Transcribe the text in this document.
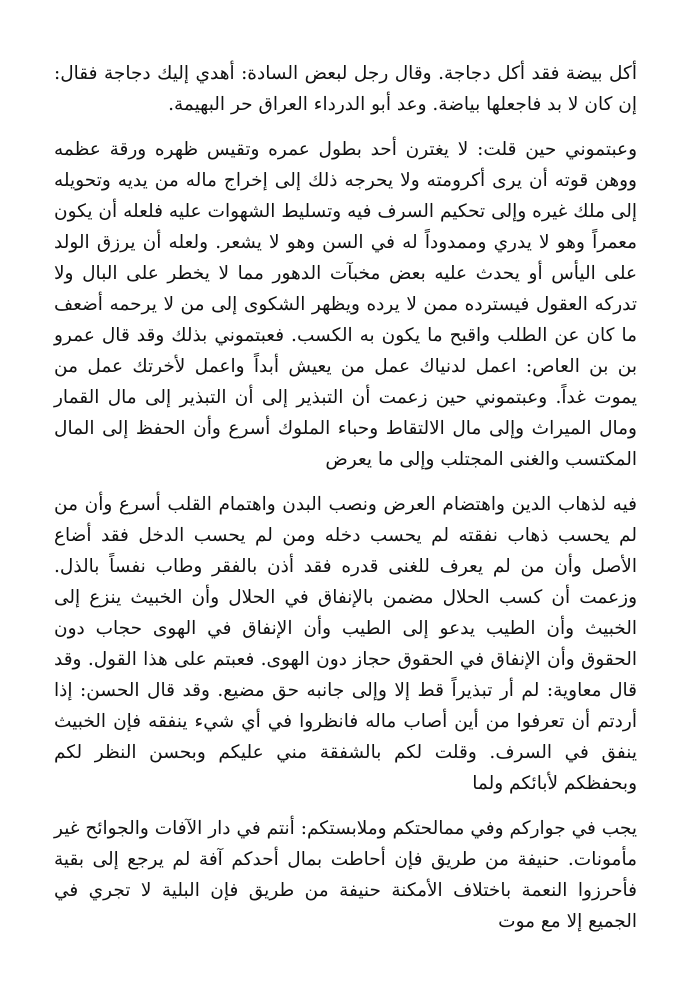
أكل بيضة فقد أكل دجاجة. وقال رجل لبعض السادة: أهدي إليك دجاجة فقال: إن كان لا بد فاجعلها بياضة. وعد أبو الدرداء العراق حر البهيمة.

وعبتموني حين قلت: لا يغترن أحد بطول عمره وتقيس ظهره ورقة عظمه ووهن قوته أن يرى أكرومته ولا يحرجه ذلك إلى إخراج ماله من يديه وتحويله إلى ملك غيره وإلى تحكيم السرف فيه وتسليط الشهوات عليه فلعله أن يكون معمراً وهو لا يدري وممدوداً له في السن وهو لا يشعر. ولعله أن يرزق الولد على اليأس أو يحدث عليه بعض مخبآت الدهور مما لا يخطر على البال ولا تدركه العقول فيسترده ممن لا يرده ويظهر الشكوى إلى من لا يرحمه أضعف ما كان عن الطلب واقبح ما يكون به الكسب. فعبتموني بذلك وقد قال عمرو بن بن العاص: اعمل لدنياك عمل من يعيش أبداً واعمل لأخرتك عمل من يموت غداً. وعبتموني حين زعمت أن التبذير إلى أن التبذير إلى مال القمار ومال الميراث وإلى مال الالتقاط وحباء الملوك أسرع وأن الحفظ إلى المال المكتسب والغنى المجتلب وإلى ما يعرض

فيه لذهاب الدين واهتضام العرض ونصب البدن واهتمام القلب أسرع وأن من لم يحسب ذهاب نفقته لم يحسب دخله ومن لم يحسب الدخل فقد أضاع الأصل وأن من لم يعرف للغنى قدره فقد أذن بالفقر وطاب نفساً بالذل. وزعمت أن كسب الحلال مضمن بالإنفاق في الحلال وأن الخبيث ينزع إلى الخبيث وأن الطيب يدعو إلى الطيب وأن الإنفاق في الهوى حجاب دون الحقوق وأن الإنفاق في الحقوق حجاز دون الهوى. فعبتم على هذا القول. وقد قال معاوية: لم أر تبذيراً قط إلا وإلى جانبه حق مضيع. وقد قال الحسن: إذا أردتم أن تعرفوا من أين أصاب ماله فانظروا في أي شيء ينفقه فإن الخبيث ينفق في السرف. وقلت لكم بالشفقة مني عليكم وبحسن النظر لكم وبحفظكم لأبائكم ولما

يجب في جواركم وفي ممالحتكم وملابستكم: أنتم في دار الآفات والجوائح غير مأمونات. حنيفة من طريق فإن أحاطت بمال أحدكم آفة لم يرجع إلى بقية فأحرزوا النعمة باختلاف الأمكنة حنيفة من طريق فإن البلية لا تجري في الجميع إلا مع موت
